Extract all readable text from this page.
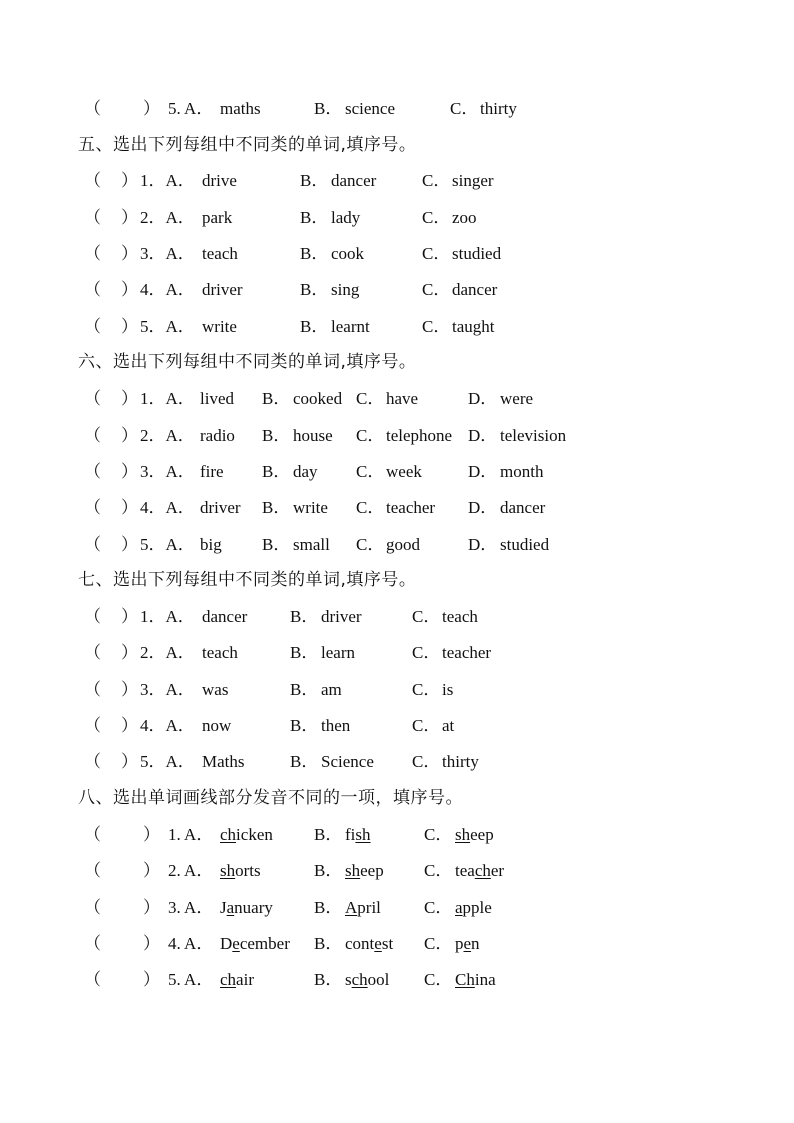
（ ） 5. A． maths	B． science	C． thirty
五、选出下列每组中不同类的单词,填序号。
（ ） 1．A． drive	B． dancer	C． singer
（ ） 2．A． park	B． lady	C． zoo
（ ） 3．A． teach	B． cook	C． studied
（ ） 4．A． driver	B． sing	C． dancer
（ ） 5．A． write	B． learnt	C． taught
六、选出下列每组中不同类的单词,填序号。
（ ） 1．A． lived B． cooked C． have	D． were
（ ） 2．A． radio B． house C． telephone D． television
（ ） 3．A． fire B． day C． week	D． month
（ ） 4．A． driver B． write C． teacher D． dancer
（ ） 5．A． big B． small C． good	D． studied
七、选出下列每组中不同类的单词,填序号。
（ ） 1．A． dancer	B． driver	C． teach
（ ） 2．A． teach	B． learn	C． teacher
（ ） 3．A． was	B． am	C． is
（ ） 4．A． now	B． then	C． at
（ ） 5．A． Maths	B． Science C． thirty
八、选出单词画线部分发音不同的一项，填序号。
（ ） 1. A． chicken B． fish	C． sheep
（ ） 2. A． shorts	B． sheep C． teacher
（ ） 3. A． January B． April	C． apple
（ ） 4. A． December B． contest C． pen
（ ） 5. A． chair	B． school C． China
